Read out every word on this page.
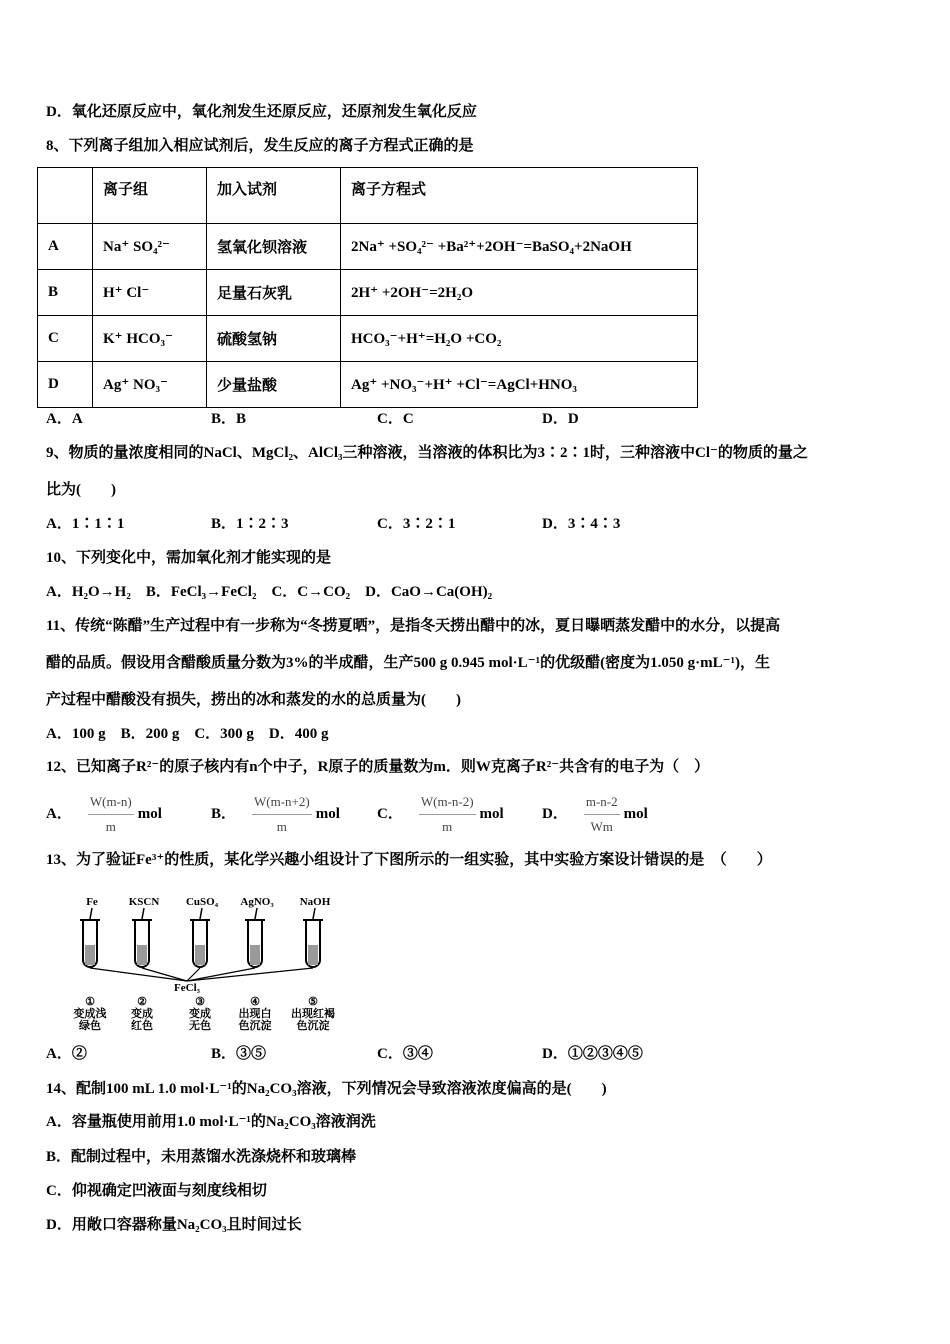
D．氧化还原反应中，氧化剂发生还原反应，还原剂发生氧化反应
8、下列离子组加入相应试剂后，发生反应的离子方程式正确的是
	离子组	加入试剂	离子方程式
A	Na⁺ SO₄²⁻	氢氧化钡溶液	2Na⁺ +SO₄²⁻ +Ba²⁺+2OH⁻=BaSO₄+2NaOH
B	H⁺ Cl⁻	足量石灰乳	2H⁺ +2OH⁻=2H₂O
C	K⁺ HCO₃⁻	硫酸氢钠	HCO₃⁻+H⁺=H₂O +CO₂
D	Ag⁺ NO₃⁻	少量盐酸	Ag⁺ +NO₃⁻+H⁺ +Cl⁻=AgCl+HNO₃
A．A	B．B	C．C	D．D
9、物质的量浓度相同的NaCl、MgCl₂、AlCl₃三种溶液，当溶液的体积比为3∶2∶1时，三种溶液中Cl⁻的物质的量之
比为(　　)
A．1∶1∶1	B．1∶2∶3	C．3∶2∶1	D．3∶4∶3
10、下列变化中，需加氧化剂才能实现的是
A．H₂O→H₂　B．FeCl₃→FeCl₂　C．C→CO₂　D．CaO→Ca(OH)₂
11、传统“陈醋”生产过程中有一步称为“冬捞夏晒”，是指冬天捞出醋中的冰，夏日曝晒蒸发醋中的水分，以提高
醋的品质。假设用含醋酸质量分数为3%的半成醋，生产500 g 0.945 mol·L⁻¹的优级醋(密度为1.050 g·mL⁻¹)，生
产过程中醋酸没有损失，捞出的冰和蒸发的水的总质量为(　　)
A．100 g　B．200 g　C．300 g　D．400 g
12、已知离子R²⁻的原子核内有n个中子，R原子的质量数为m．则W克离子R²⁻共含有的电子为（　）
A． $\frac{W(m-n)}{m}$ mol	B． $\frac{W(m-n+2)}{m}$ mol C． $\frac{W(m-n-2)}{m}$ mol	D． $\frac{m-n-2}{Wm}$ mol
13、为了验证Fe³⁺的性质，某化学兴趣小组设计了下图所示的一组实验，其中实验方案设计错误的是　（　　）
Fe
①
变成浅
绿色
KSCN
②
变成
红色
CuSO₄
③
变成
无色
AgNO₃
④
出现白
色沉淀
NaOH
⑤
出现红褐
色沉淀
FeCl₃
A．②	B．③⑤	C．③④	D．①②③④⑤
14、配制100 mL 1.0 mol·L⁻¹的Na₂CO₃溶液，下列情况会导致溶液浓度偏高的是(　　)
A．容量瓶使用前用1.0 mol·L⁻¹的Na₂CO₃溶液润洗
B．配制过程中，未用蒸馏水洗涤烧杯和玻璃棒
C．仰视确定凹液面与刻度线相切
D．用敞口容器称量Na₂CO₃且时间过长
